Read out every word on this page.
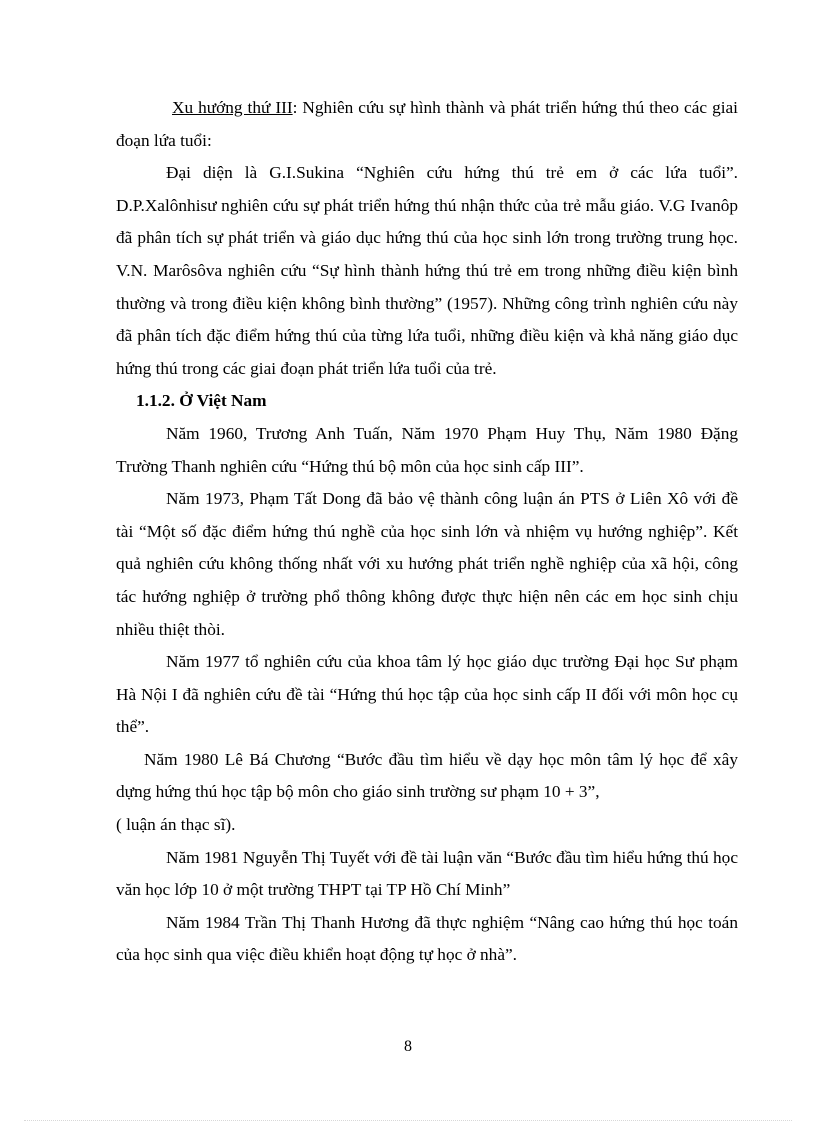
Xu hướng thứ III: Nghiên cứu sự hình thành và phát triển hứng thú theo các giai đoạn lứa tuổi:

Đại diện là G.I.Sukina “Nghiên cứu hứng thú trẻ em ở các lứa tuổi”. D.P.Xalônhisư nghiên cứu sự phát triển hứng thú nhận thức của trẻ mẫu giáo. V.G Ivanôp đã phân tích sự phát triển và giáo dục hứng thú của học sinh lớn trong trường trung học. V.N. Marôsôva nghiên cứu “Sự hình thành hứng thú trẻ em trong những điều kiện bình thường và trong điều kiện không bình thường” (1957). Những công trình nghiên cứu này đã phân tích đặc điểm hứng thú của từng lứa tuổi, những điều kiện và khả năng giáo dục hứng thú trong các giai đoạn phát triển lứa tuổi của trẻ.

1.1.2. Ở Việt Nam

Năm 1960, Trương Anh Tuấn, Năm 1970 Phạm Huy Thụ, Năm 1980 Đặng Trường Thanh nghiên cứu “Hứng thú bộ môn của học sinh cấp III”.

Năm 1973, Phạm Tất Dong đã bảo vệ thành công luận án PTS ở Liên Xô với đề tài “Một số đặc điểm hứng thú nghề của học sinh lớn và nhiệm vụ hướng nghiệp”. Kết quả nghiên cứu không thống nhất với xu hướng phát triển nghề nghiệp của xã hội, công tác hướng nghiệp ở trường phổ thông không được thực hiện nên các em học sinh chịu nhiều thiệt thòi.

Năm 1977 tổ nghiên cứu của khoa tâm lý học giáo dục trường Đại học Sư phạm Hà Nội I đã nghiên cứu đề tài “Hứng thú học tập của học sinh cấp II đối với môn học cụ thể”.

Năm 1980 Lê Bá Chương “Bước đầu tìm hiểu về dạy học môn tâm lý học để xây dựng hứng thú học tập bộ môn cho giáo sinh trường sư phạm 10 + 3”,

( luận án thạc sĩ).

Năm 1981 Nguyễn Thị Tuyết với đề tài luận văn “Bước đầu tìm hiểu hứng thú học văn học lớp 10 ở một trường THPT tại TP Hồ Chí Minh”

Năm 1984 Trần Thị Thanh Hương đã thực nghiệm “Nâng cao hứng thú học toán của học sinh qua việc điều khiển hoạt động tự học ở nhà”.

8
